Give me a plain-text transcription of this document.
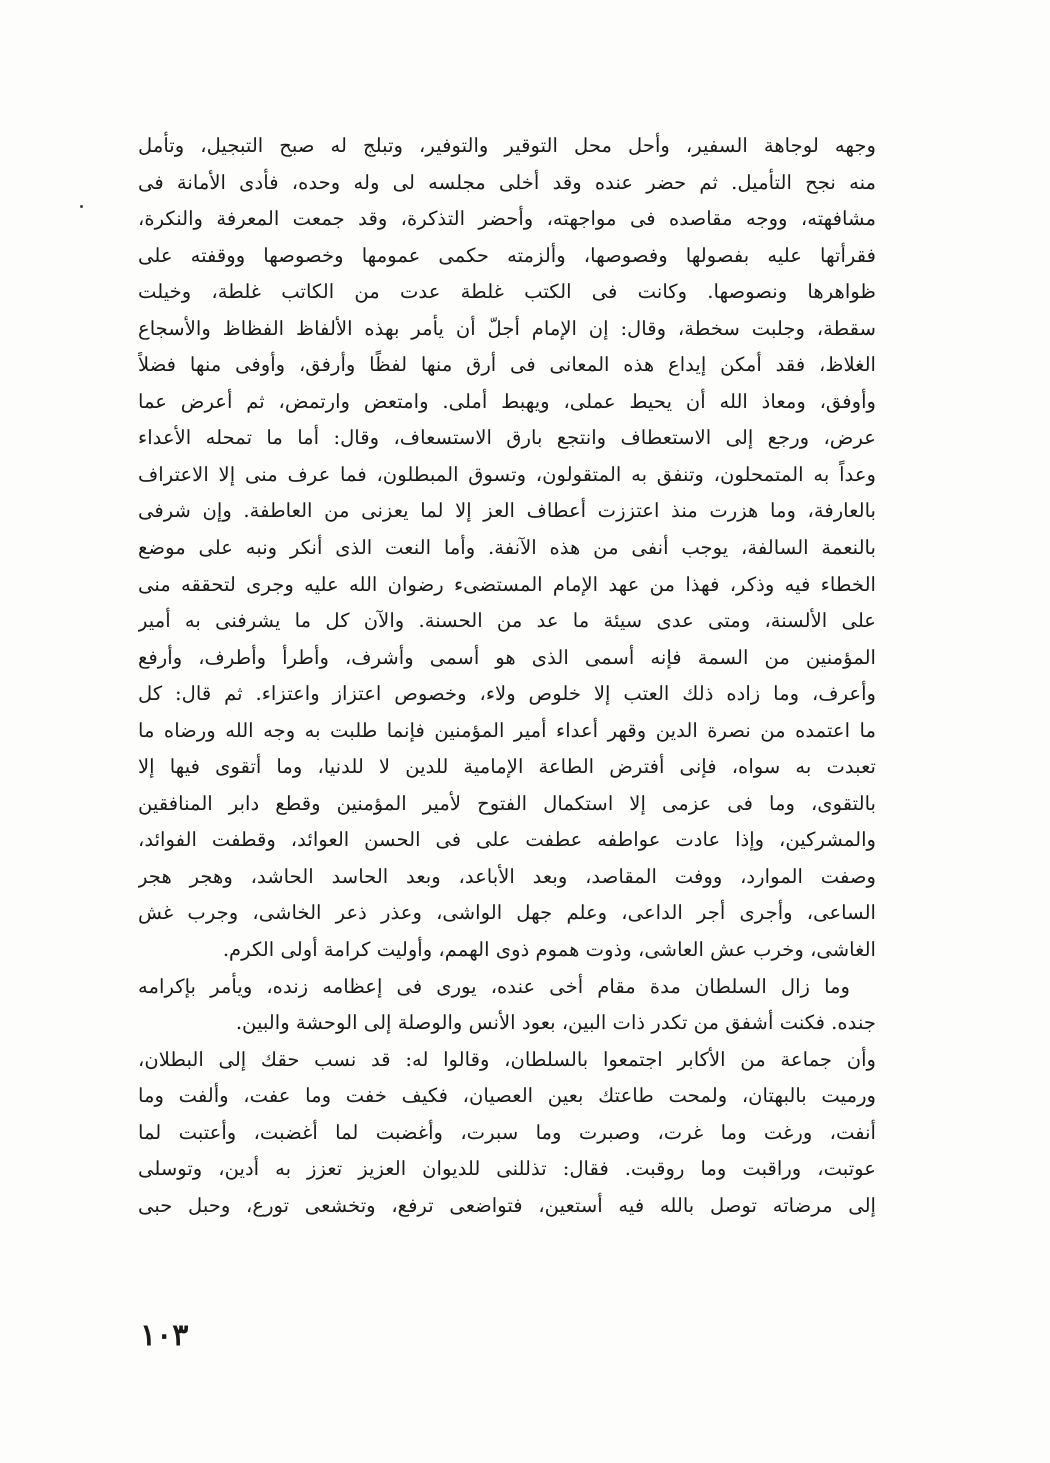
وجهه لوجاهة السفير، وأحل محل التوقير والتوفير، وتبلج له صبح التبجيل، وتأمل
منه نجح التأميل. ثم حضر عنده وقد أخلى مجلسه لى وله وحده، فأدى الأمانة فى
مشافهته، ووجه مقاصده فى مواجهته، وأحضر التذكرة، وقد جمعت المعرفة والنكرة،
فقرأتها عليه بفصولها وفصوصها، وألزمته حكمى عمومها وخصوصها ووقفته على
ظواهرها ونصوصها. وكانت فى الكتب غلطة عدت من الكاتب غلطة، وخيلت
سقطة، وجلبت سخطة، وقال: إن الإمام أجلّ أن يأمر بهذه الألفاظ الفظاظ والأسجاع
الغلاظ، فقد أمكن إيداع هذه المعانى فى أرق منها لفظًا وأرفق، وأوفى منها فضلاً
وأوفق، ومعاذ الله أن يحيط عملى، ويهبط أملى. وامتعض وارتمض، ثم أعرض عما
عرض، ورجع إلى الاستعطاف وانتجع بارق الاستسعاف، وقال: أما ما تمحله الأعداء
وعداً به المتمحلون، وتنفق به المتقولون، وتسوق المبطلون، فما عرف منى إلا الاعتراف
بالعارفة، وما هزرت منذ اعتززت أعطاف العز إلا لما يعزنى من العاطفة. وإن شرفى
بالنعمة السالفة، يوجب أنفى من هذه الآنفة. وأما النعت الذى أنكر ونبه على موضع
الخطاء فيه وذكر، فهذا من عهد الإمام المستضىء رضوان الله عليه وجرى لتحققه منى
على الألسنة، ومتى عدى سيئة ما عد من الحسنة. والآن كل ما يشرفنى به أمير
المؤمنين من السمة فإنه أسمى الذى هو أسمى وأشرف، وأطرأ وأطرف، وأرفع
وأعرف، وما زاده ذلك العتب إلا خلوص ولاء، وخصوص اعتزاز واعتزاء. ثم قال: كل
ما اعتمده من نصرة الدين وقهر أعداء أمير المؤمنين فإنما طلبت به وجه الله ورضاه ما
تعبدت به سواه، فإنى أفترض الطاعة الإمامية للدين لا للدنيا، وما أتقوى فيها إلا
بالتقوى، وما فى عزمى إلا استكمال الفتوح لأمير المؤمنين وقطع دابر المنافقين
والمشركين، وإذا عادت عواطفه عطفت على فى الحسن العوائد، وقطفت الفوائد،
وصفت الموارد، ووفت المقاصد، وبعد الأباعد، وبعد الحاسد الحاشد، وهجر هجر
الساعى، وأجرى أجر الداعى، وعلم جهل الواشى، وعذر ذعر الخاشى، وجرب غش
الغاشى، وخرب عش العاشى، وذوت هموم ذوى الهمم، وأوليت كرامة أولى الكرم.
وما زال السلطان مدة مقام أخى عنده، يورى فى إعظامه زنده، ويأمر بإكرامه
جنده. فكنت أشفق من تكدر ذات البين، بعود الأنس والوصلة إلى الوحشة والبين.
وأن جماعة من الأكابر اجتمعوا بالسلطان، وقالوا له: قد نسب حقك إلى البطلان،
ورميت بالبهتان، ولمحت طاعتك بعين العصيان، فكيف خفت وما عفت، وألفت وما
أنفت، ورغت وما غرت، وصبرت وما سبرت، وأغضبت لما أغضبت، وأعتبت لما
عوتبت، وراقبت وما روقبت. فقال: تذللنى للديوان العزيز تعزز به أدين، وتوسلى
إلى مرضاته توصل بالله فيه أستعين، فتواضعى ترفع، وتخشعى تورع، وحبل حبى
١٠٣
